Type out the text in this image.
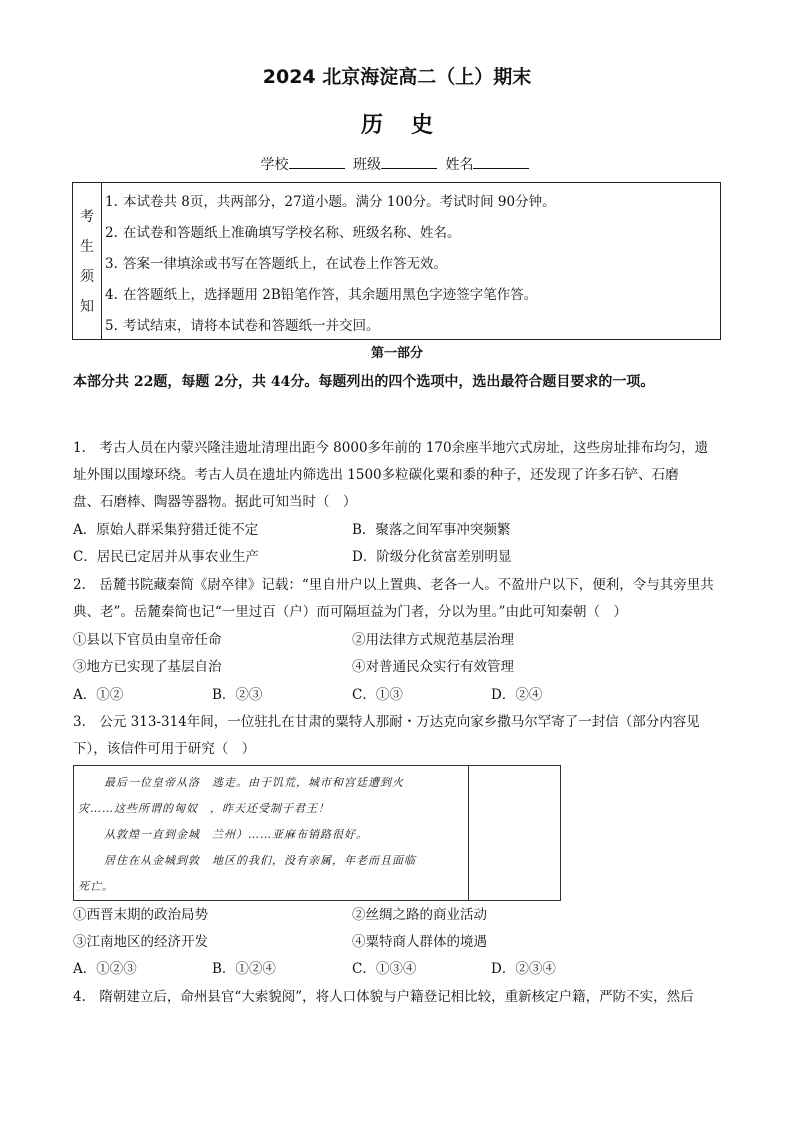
2024 北京海淀高二（上）期末
历史
学校	班级	姓名
考
生
须
知
1. 本试卷共 8页，共两部分，27道小题。满分 100分。考试时间 90分钟。
2. 在试卷和答题纸上准确填写学校名称、班级名称、姓名。
3. 答案一律填涂或书写在答题纸上，在试卷上作答无效。
4. 在答题纸上，选择题用 2B铅笔作答，其余题用黑色字迹签字笔作答。
5. 考试结束，请将本试卷和答题纸一并交回。
第一部分
本部分共 22题，每题 2分，共 44分。每题列出的四个选项中，选出最符合题目要求的一项。
1.　考古人员在内蒙兴隆洼遗址清理出距今 8000多年前的 170余座半地穴式房址，这些房址排布均匀，遗
址外围以围壕环绕。考古人员在遗址内筛选出 1500多粒碳化粟和黍的种子，还发现了许多石铲、石磨
盘、石磨棒、陶器等器物。据此可知当时（　）
A．原始人群采集狩猎迁徙不定	B．聚落之间军事冲突频繁
C．居民已定居并从事农业生产	D．阶级分化贫富差别明显
2.　岳麓书院藏秦简《尉卒律》记载：“里自卅户以上置典、老各一人。不盈卅户以下，便利，令与其旁里共
典、老”。岳麓秦简也记“一里过百（户）而可隔垣益为门者，分以为里。”由此可知秦朝（　）
①县以下官员由皇帝任命	②用法律方式规范基层治理
③地方已实现了基层自治	④对普通民众实行有效管理
A．①②	B．②③	C．①③	D．②④
3.　公元 313-314年间，一位驻扎在甘肃的粟特人那耐・万达克向家乡撒马尔罕寄了一封信（部分内容见
下），该信件可用于研究（　）
最后一位皇帝从洛　逃走。由于饥荒，城市和宫廷遭到火
灾……这些所谓的匈奴　，昨天还受制于君王！
从敦煌一直到金城　兰州）……亚麻布销路很好。
居住在从金城到敦　地区的我们，没有亲属，年老而且面临
死亡。
①西晋末期的政治局势	②丝绸之路的商业活动
③江南地区的经济开发	④粟特商人群体的境遇
A．①②③	B．①②④	C．①③④	D．②③④
4.　隋朝建立后，命州县官“大索貌阅”，将人口体貌与户籍登记相比较，重新核定户籍，严防不实，然后
